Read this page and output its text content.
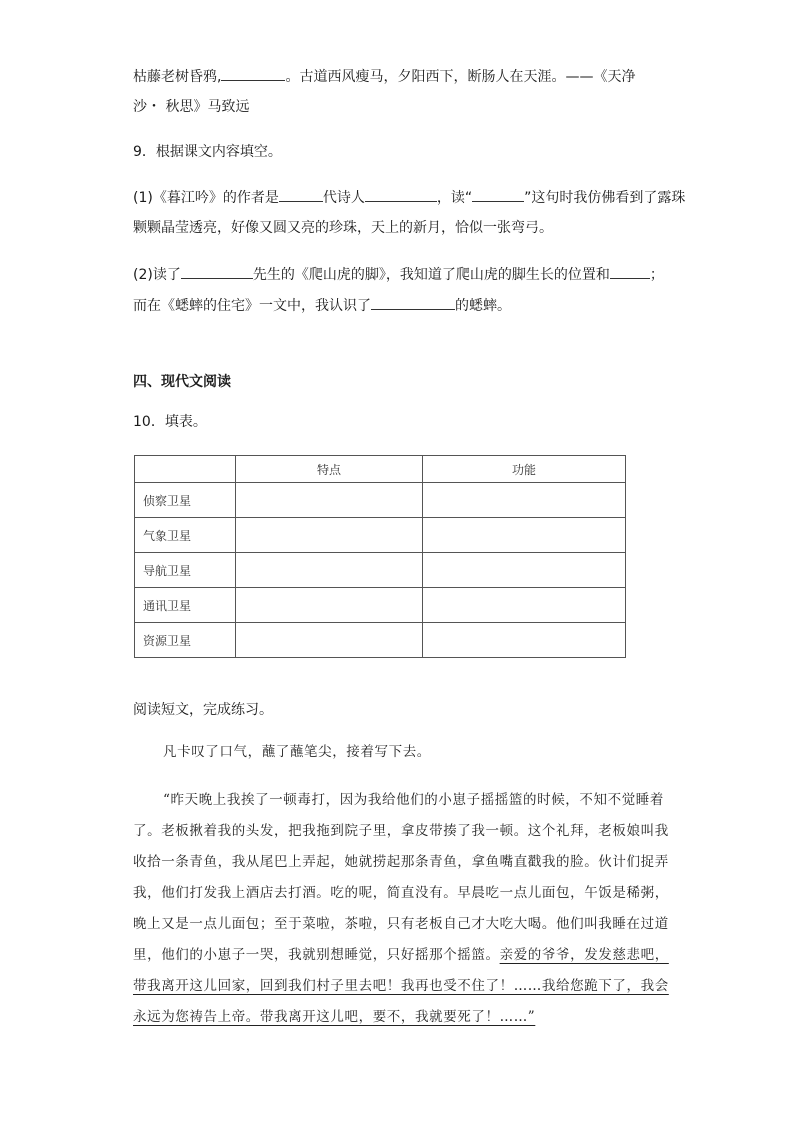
枯藤老树昏鸦,	。古道西风瘦马，夕阳西下，断肠人在天涯。——《天净
沙・ 秋思》马致远
9．根据课文内容填空。
(1)《暮江吟》的作者是	代诗人	，读“	”这句时我仿佛看到了露珠
颗颗晶莹透亮，好像又圆又亮的珍珠，天上的新月，恰似一张弯弓。
(2)读了	先生的《爬山虎的脚》，我知道了爬山虎的脚生长的位置和	；
而在《蟋蟀的住宅》一文中，我认识了	的蟋蟀。
四、现代文阅读
10．填表。
	特点	功能
侦察卫星		
气象卫星		
导航卫星		
通讯卫星		
资源卫星		
阅读短文，完成练习。
凡卡叹了口气，蘸了蘸笔尖，接着写下去。
“昨天晚上我挨了一顿毒打，因为我给他们的小崽子摇摇篮的时候，不知不觉睡着
了。老板揪着我的头发，把我拖到院子里，拿皮带揍了我一顿。这个礼拜，老板娘叫我
收拾一条青鱼，我从尾巴上弄起，她就捞起那条青鱼，拿鱼嘴直戳我的脸。伙计们捉弄
我，他们打发我上酒店去打酒。吃的呢，简直没有。早晨吃一点儿面包，午饭是稀粥，
晚上又是一点儿面包；至于菜啦，茶啦，只有老板自己才大吃大喝。他们叫我睡在过道
里，他们的小崽子一哭，我就别想睡觉，只好摇那个摇篮。亲爱的爷爷，发发慈悲吧，
带我离开这儿回家，回到我们村子里去吧！我再也受不住了！……我给您跪下了，我会
永远为您祷告上帝。带我离开这儿吧，要不，我就要死了！……”
